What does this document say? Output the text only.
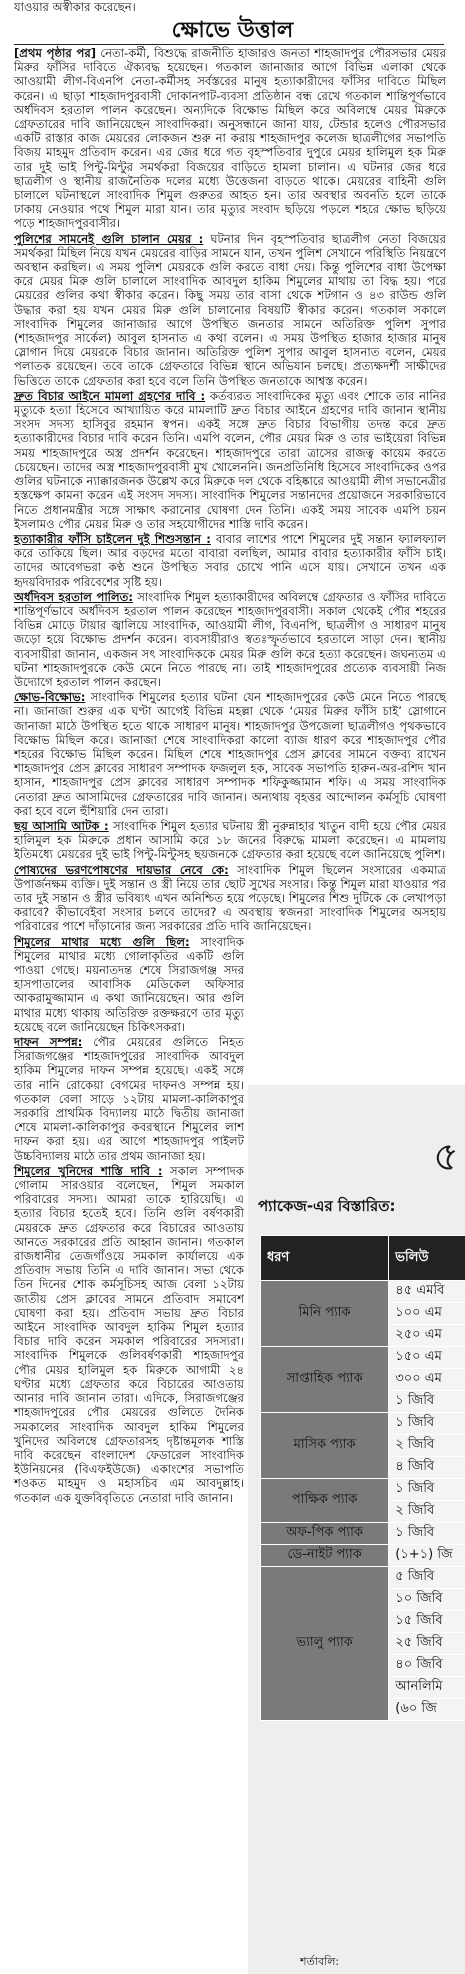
যাওয়ার অস্বীকার করেছেন।
ক্ষোভে উত্তাল

[প্রথম পৃষ্ঠার পর] নেতা-কর্মী, বিশুদ্ধে রাজনীতি হাজারও জনতা শাহজাদপুর পৌরসভার মেয়র মিরুর ফাঁসির দাবিতে ঐক্যবদ্ধ হয়েছেন। গতকাল জানাজার আগে বিভিন্ন এলাকা থেকে আওয়ামী লীগ-বিএনপি নেতা-কর্মীসহ সর্বস্তরের মানুষ হত্যাকারীদের ফাঁসির দাবিতে মিছিল করেন। এ ছাড়া শাহজাদপুরবাসী দোকানপাট-ব্যবসা প্রতিষ্ঠান বন্ধ রেখে গতকাল শান্তিপূর্ণভাবে অর্ধদিবস হরতাল পালন করেছেন। অন্যদিকে বিক্ষোভ মিছিল করে অবিলম্বে মেয়র মিরুকে গ্রেফতারের দাবি জানিয়েছেন সাংবাদিকরা। অনুসন্ধানে জানা যায়, টেন্ডার হলেও পৌরসভার একটি রাস্তার কাজ মেয়রের লোকজন শুরু না করায় শাহজাদপুর কলেজ ছাত্রলীগের সভাপতি বিজয় মাহমুদ প্রতিবাদ করেন। এর জের ধরে গত বৃহস্পতিবার দুপুরে মেয়র হালিমুল হক মিরু তার দুই ভাই পিন্টু-মিন্টুর সমর্থকরা বিজয়ের বাড়িতে হামলা চালান। এ ঘটনার জের ধরে ছাত্রলীগ ও স্থানীয় রাজনৈতিক দলের মধ্যে উত্তেজনা বাড়তে থাকে। মেয়রের বাহিনী গুলি চালালে ঘটনাস্থলে সাংবাদিক শিমুল গুরুতর আহত হন। তার অবস্থার অবনতি হলে তাকে ঢাকায় নেওয়ার পথে শিমুল মারা যান। তার মৃত্যুর সংবাদ ছড়িয়ে পড়লে শহরে ক্ষোভ ছড়িয়ে পড়ে শাহজাদপুরবাসীর।

পুলিশের সামনেই গুলি চালান মেয়র : ঘটনার দিন বৃহস্পতিবার ছাত্রলীগ নেতা বিজয়ের সমর্থকরা মিছিল নিয়ে যখন মেয়রের বাড়ির সামনে যান, তখন পুলিশ সেখানে পরিস্থিতি নিয়ন্ত্রণে অবস্থান করছিল। এ সময় পুলিশ মেয়রকে গুলি করতে বাধা দেয়। কিন্তু পুলিশের বাধা উপেক্ষা করে মেয়র মিরু গুলি চালালে সাংবাদিক আবদুল হাকিম শিমুলের মাথায় তা বিদ্ধ হয়। পরে মেয়রের গুলির কথা স্বীকার করেন। কিছু সময় তার বাসা থেকে শটগান ও ৪৩ রাউন্ড গুলি উদ্ধার করা হয় যখন মেয়র মিরু গুলি চালানোর বিষয়টি স্বীকার করেন। গতকাল সকালে সাংবাদিক শিমুলের জানাজার আগে উপস্থিত জনতার সামনে অতিরিক্ত পুলিশ সুপার (শাহজাদপুর সার্কেল) আবুল হাসনাত এ কথা বলেন। এ সময় উপস্থিত হাজার হাজার মানুষ স্লোগান দিয়ে মেয়রকে বিচার জানান। অতিরিক্ত পুলিশ সুপার আবুল হাসনাত বলেন, মেয়র পলাতক রয়েছেন। তবে তাকে গ্রেফতারে বিভিন্ন স্থানে অভিযান চলছে। প্রত্যক্ষদর্শী সাক্ষীদের ভিত্তিতে তাকে গ্রেফতার করা হবে বলে তিনি উপস্থিত জনতাকে আশ্বস্ত করেন।

দ্রুত বিচার আইনে মামলা গ্রহণের দাবি : কর্তব্যরত সাংবাদিকের মৃত্যু এবং শোকে তার নানির মৃত্যুকে হত্যা হিসেবে আখ্যায়িত করে মামলাটি দ্রুত বিচার আইনে গ্রহণের দাবি জানান স্থানীয় সংসদ সদস্য হাসিবুর রহমান স্বপন। একই সঙ্গে দ্রুত বিচার বিভাগীয় তদন্ত করে দ্রুত হত্যাকারীদের বিচার দাবি করেন তিনি। এমপি বলেন, পৌর মেয়র মিরু ও তার ভাইয়েরা বিভিন্ন সময় শাহজাদপুরে অস্ত্র প্রদর্শন করেছেন। শাহজাদপুরে তারা ত্রাসের রাজত্ব কায়েম করতে চেয়েছেন। তাদের অস্ত্র শাহজাদপুরবাসী মুখ খোলেননি। জনপ্রতিনিধি হিসেবে সাংবাদিকের ওপর গুলির ঘটনাকে ন্যাক্কারজনক উল্লেখ করে মিরুকে দল থেকে বহিষ্কারে আওয়ামী লীগ সভানেত্রীর হস্তক্ষেপ কামনা করেন এই সংসদ সদস্য। সাংবাদিক শিমুলের সন্তানদের প্রয়োজনে সরকারিভাবে নিতে প্রধানমন্ত্রীর সঙ্গে সাক্ষাৎ করানোর ঘোষণা দেন তিনি। একই সময় সাবেক এমপি চয়ন ইসলামও পৌর মেয়র মিরু ও তার সহযোগীদের শাস্তি দাবি করেন।

হত্যাকারীর ফাঁসি চাইলেন দুই শিশুসন্তান : বাবার লাশের পাশে শিমুলের দুই সন্তান ফ্যালফ্যাল করে তাকিয়ে ছিল। আর বড়দের মতো বাবারা বলছিল, আমার বাবার হত্যাকারীর ফাঁসি চাই। তাদের আবেগভরা কণ্ঠ শুনে উপস্থিত সবার চোখে পানি এসে যায়। সেখানে তখন এক হৃদয়বিদারক পরিবেশের সৃষ্টি হয়।

অর্ধদিবস হরতাল পালিত: সাংবাদিক শিমুল হত্যাকারীদের অবিলম্বে গ্রেফতার ও ফাঁসির দাবিতে শান্তিপূর্ণভাবে অর্ধদিবস হরতাল পালন করেছেন শাহজাদপুরবাসী। সকাল থেকেই পৌর শহরের বিভিন্ন মোড়ে টায়ার জ্বালিয়ে সাংবাদিক, আওয়ামী লীগ, বিএনপি, ছাত্রলীগ ও সাধারণ মানুষ জড়ো হয়ে বিক্ষোভ প্রদর্শন করেন। ব্যবসায়ীরাও স্বতঃস্ফূর্তভাবে হরতালে সাড়া দেন। স্থানীয় ব্যবসায়ীরা জানান, একজন সৎ সাংবাদিককে মেয়র মিরু গুলি করে হত্যা করেছেন। জঘন্যতম এ ঘটনা শাহজাদপুরকে কেউ মেনে নিতে পারছে না। তাই শাহজাদপুরের প্রত্যেক ব্যবসায়ী নিজ উদ্যোগে হরতাল পালন করছেন।

ক্ষোভ-বিক্ষোভ: সাংবাদিক শিমুলের হত্যার ঘটনা যেন শাহজাদপুরের কেউ মেনে নিতে পারছে না। জানাজা শুরুর এক ঘণ্টা আগেই বিভিন্ন মহল্লা থেকে ‘মেয়র মিরুর ফাঁসি চাই’ স্লোগানে জানাজা মাঠে উপস্থিত হতে থাকে সাধারণ মানুষ। শাহজাদপুর উপজেলা ছাত্রলীগও পৃথকভাবে বিক্ষোভ মিছিল করে। জানাজা শেষে সাংবাদিকরা কালো ব্যাজ ধারণ করে শাহজাদপুর পৌর শহরের বিক্ষোভ মিছিল করেন। মিছিল শেষে শাহজাদপুর প্রেস ক্লাবের সামনে বক্তব্য রাখেন শাহজাদপুর প্রেস ক্লাবের সাধারণ সম্পাদক ফজলুল হক, সাবেক সভাপতি হারুন-অর-রশিদ খান হাসান, শাহজাদপুর প্রেস ক্লাবের সাধারণ সম্পাদক শফিকুজ্জামান শফি। এ সময় সাংবাদিক নেতারা দ্রুত আসামিদের গ্রেফতারের দাবি জানান। অন্যথায় বৃহত্তর আন্দোলন কর্মসূচি ঘোষণা করা হবে বলে হুঁশিয়ারি দেন তারা।

ছয় আসামি আটক : সাংবাদিক শিমুল হত্যার ঘটনায় স্ত্রী নুরুন্নাহার খাতুন বাদী হয়ে পৌর মেয়র হালিমুল হক মিরুকে প্রধান আসামি করে ১৮ জনের বিরুদ্ধে মামলা করেছেন। এ মামলায় ইতিমধ্যে মেয়রের দুই ভাই পিন্টু-মিন্টুসহ ছয়জনকে গ্রেফতার করা হয়েছে বলে জানিয়েছে পুলিশ।

পোষ্যদের ভরণপোষণের দায়ভার নেবে কে: সাংবাদিক শিমুল ছিলেন সংসারের একমাত্র উপার্জনক্ষম ব্যক্তি। দুই সন্তান ও স্ত্রী নিয়ে তার ছোট সুখের সংসার। কিন্তু শিমুল মারা যাওয়ার পর তার দুই সন্তান ও স্ত্রীর ভবিষ্যৎ এখন অনিশ্চিত হয়ে পড়েছে। শিমুলের শিশু দুটিকে কে লেখাপড়া করাবে? কীভাবেইবা সংসার চলবে তাদের? এ অবস্থায় স্বজনরা সাংবাদিক শিমুলের অসহায় পরিবারের পাশে দাঁড়ানোর জন্য সরকারের প্রতি দাবি জানিয়েছেন।

শিমুলের মাথার মধ্যে গুলি ছিল: সাংবাদিক শিমুলের মাথার মধ্যে গোলাকৃতির একটি গুলি পাওয়া গেছে। ময়নাতদন্ত শেষে সিরাজগঞ্জ সদর হাসপাতালের আবাসিক মেডিকেল অফিসার আকরামুজ্জামান এ কথা জানিয়েছেন। আর গুলি মাথার মধ্যে থাকায় অতিরিক্ত রক্তক্ষরণে তার মৃত্যু হয়েছে বলে জানিয়েছেন চিকিৎসকরা।

দাফন সম্পন্ন: পৌর মেয়রের গুলিতে নিহত সিরাজগঞ্জের শাহজাদপুরের সাংবাদিক আবদুল হাকিম শিমুলের দাফন সম্পন্ন হয়েছে। একই সঙ্গে তার নানি রোকেয়া বেগমের দাফনও সম্পন্ন হয়। গতকাল বেলা সাড়ে ১২টায় মামলা-কালিকাপুর সরকারি প্রাথমিক বিদ্যালয় মাঠে দ্বিতীয় জানাজা শেষে মামলা-কালিকাপুর কবরস্থানে শিমুলের লাশ দাফন করা হয়। এর আগে শাহজাদপুর পাইলট উচ্চবিদ্যালয় মাঠে তার প্রথম জানাজা হয়।

শিমুলের খুনিদের শাস্তি দাবি : সকাল সম্পাদক গোলাম সারওয়ার বলেছেন, শিমুল সমকাল পরিবারের সদস্য। আমরা তাকে হারিয়েছি। এ হত্যার বিচার হতেই হবে। তিনি গুলি বর্ষণকারী মেয়রকে দ্রুত গ্রেফতার করে বিচারের আওতায় আনতে সরকারের প্রতি আহ্বান জানান। গতকাল রাজধানীর তেজগাঁওয়ে সমকাল কার্যালয়ে এক প্রতিবাদ সভায় তিনি এ দাবি জানান। সভা থেকে তিন দিনের শোক কর্মসূচিসহ আজ বেলা ১২টায় জাতীয় প্রেস ক্লাবের সামনে প্রতিবাদ সমাবেশ ঘোষণা করা হয়। প্রতিবাদ সভায় দ্রুত বিচার আইনে সাংবাদিক আবদুল হাকিম শিমুল হত্যার বিচার দাবি করেন সমকাল পরিবারের সদস্যরা। সাংবাদিক শিমুলকে গুলিবর্ষণকারী শাহজাদপুর পৌর মেয়র হালিমুল হক মিরুকে আগামী ২৪ ঘণ্টার মধ্যে গ্রেফতার করে বিচারের আওতায় আনার দাবি জানান তারা। এদিকে, সিরাজগঞ্জের শাহজাদপুরের পৌর মেয়রের গুলিতে দৈনিক সমকালের সাংবাদিক আবদুল হাকিম শিমুলের খুনিদের অবিলম্বে গ্রেফতারসহ দৃষ্টান্তমূলক শাস্তি দাবি করেছেন বাংলাদেশ ফেডারেল সাংবাদিক ইউনিয়নের (বিএফইউজে) একাংশের সভাপতি শওকত মাহমুদ ও মহাসচিব এম আবদুল্লাহ। গতকাল এক যুক্তবিবৃতিতে নেতারা দাবি জানান।

৫
প্যাকেজ-এর বিস্তারিত:
ধরণ	ভলিউ
মিনি প্যাক	৪৫ এমবি
	১০০ এম
	২৫০ এম
সাপ্তাহিক প্যাক	১৫০ এম
	৩০০ এম
	১ জিবি
মাসিক প্যাক	১ জিবি
	২ জিবি
	৪ জিবি
পাক্ষিক প্যাক	১ জিবি
	২ জিবি
অফ-পিক প্যাক	১ জিবি
ডে-নাইট প্যাক	(১+১) জি
ভ্যালু প্যাক	৫ জিবি
	১০ জিবি
	১৫ জিবি
	২৫ জিবি
	৪০ জিবি
	আনলিমি
	(৬০ জি
শর্তাবলি:
